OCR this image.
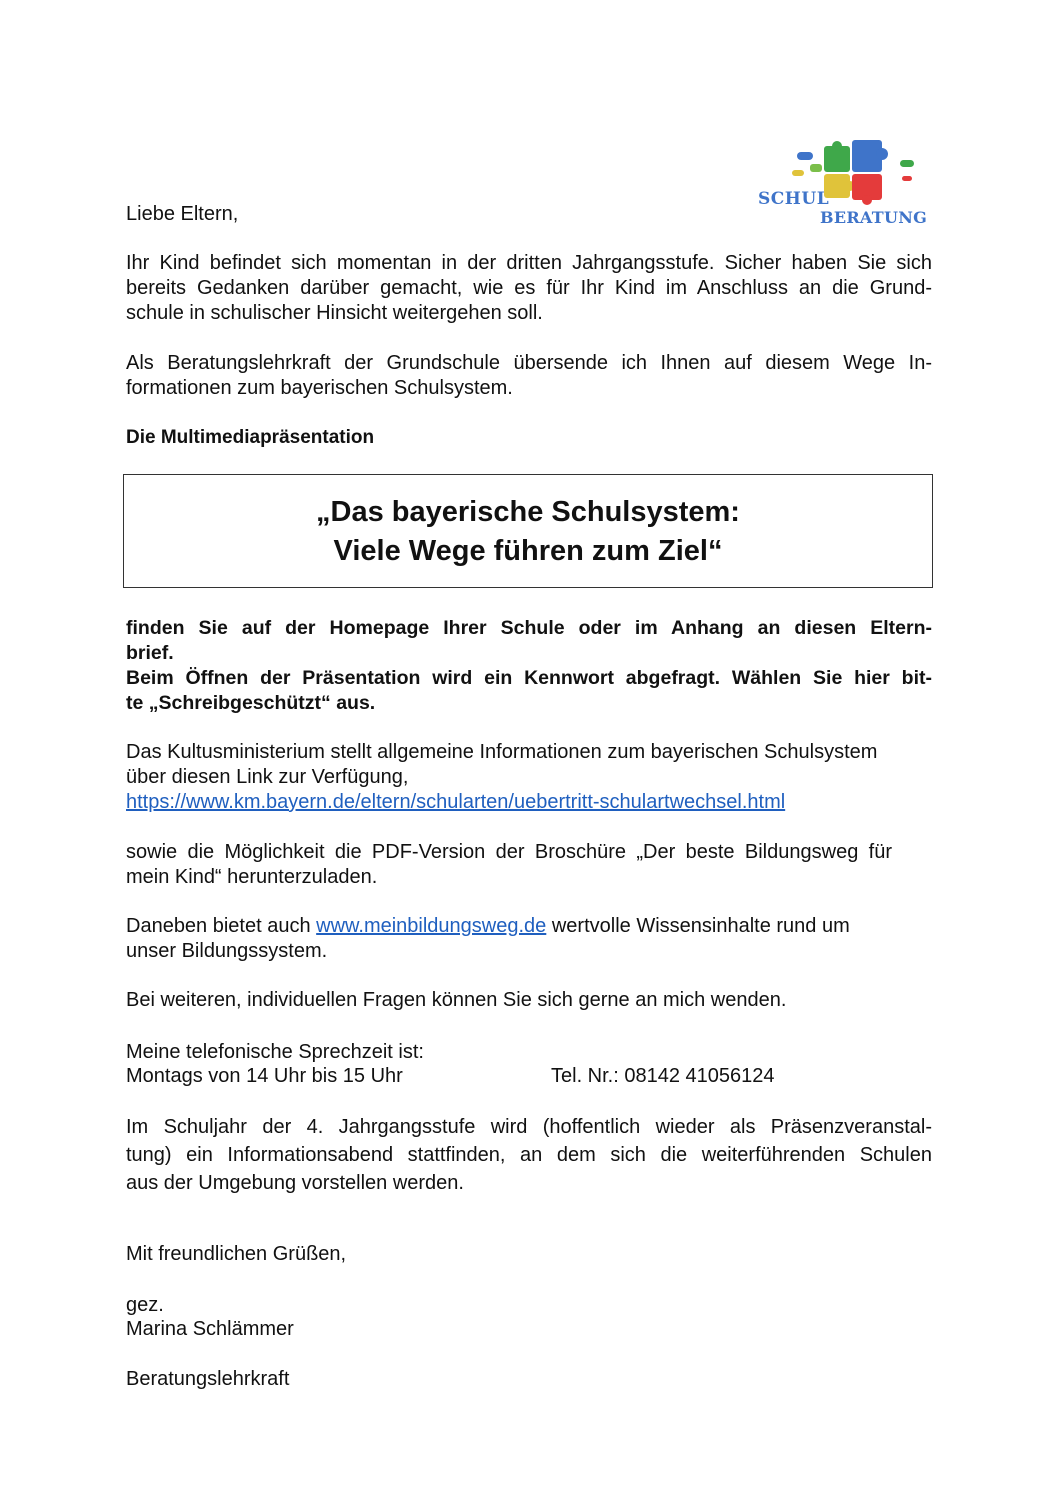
SCHUL
BERATUNG
Liebe Eltern,
Ihr Kind befindet sich momentan in der dritten Jahrgangsstufe. Sicher haben Sie sich
bereits Gedanken darüber gemacht, wie es für Ihr Kind im Anschluss an die Grund-
schule in schulischer Hinsicht weitergehen soll.
Als Beratungslehrkraft der Grundschule übersende ich Ihnen auf diesem Wege In-
formationen zum bayerischen Schulsystem.
Die Multimediapräsentation
„Das bayerische Schulsystem:
Viele Wege führen zum Ziel“
finden Sie auf der Homepage Ihrer Schule oder im Anhang an diesen Eltern-
brief.
Beim Öffnen der Präsentation wird ein Kennwort abgefragt. Wählen Sie hier bit-
te „Schreibgeschützt“ aus.
Das Kultusministerium stellt allgemeine Informationen zum bayerischen Schulsystem
über diesen Link zur Verfügung,
https://www.km.bayern.de/eltern/schularten/uebertritt-schulartwechsel.html
sowie die Möglichkeit die PDF-Version der Broschüre „Der beste Bildungsweg für
mein Kind“ herunterzuladen.
Daneben bietet auch www.meinbildungsweg.de wertvolle Wissensinhalte rund um
unser Bildungssystem.
Bei weiteren, individuellen Fragen können Sie sich gerne an mich wenden.
Meine telefonische Sprechzeit ist:
Montags von 14 Uhr bis 15 Uhr	Tel. Nr.: 08142 41056124
Im Schuljahr der 4. Jahrgangsstufe wird (hoffentlich wieder als Präsenzveranstal-
tung) ein Informationsabend stattfinden, an dem sich die weiterführenden Schulen
aus der Umgebung vorstellen werden.
Mit freundlichen Grüßen,
gez.
Marina Schlämmer
Beratungslehrkraft
